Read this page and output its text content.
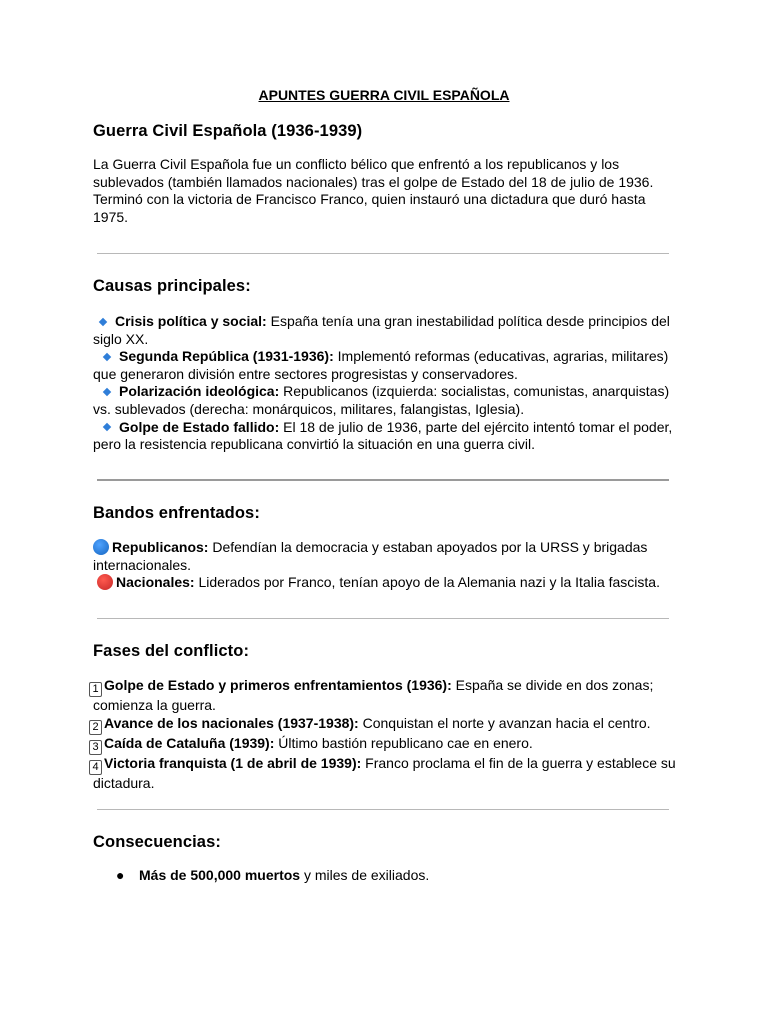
APUNTES GUERRA CIVIL ESPAÑOLA
Guerra Civil Española (1936-1939)
La Guerra Civil Española fue un conflicto bélico que enfrentó a los republicanos y los sublevados (también llamados nacionales) tras el golpe de Estado del 18 de julio de 1936. Terminó con la victoria de Francisco Franco, quien instauró una dictadura que duró hasta 1975.
Causas principales:
Crisis política y social: España tenía una gran inestabilidad política desde principios del siglo XX.
Segunda República (1931-1936): Implementó reformas (educativas, agrarias, militares) que generaron división entre sectores progresistas y conservadores.
Polarización ideológica: Republicanos (izquierda: socialistas, comunistas, anarquistas) vs. sublevados (derecha: monárquicos, militares, falangistas, Iglesia).
Golpe de Estado fallido: El 18 de julio de 1936, parte del ejército intentó tomar el poder, pero la resistencia republicana convirtió la situación en una guerra civil.
Bandos enfrentados:
Republicanos: Defendían la democracia y estaban apoyados por la URSS y brigadas internacionales.
Nacionales: Liderados por Franco, tenían apoyo de la Alemania nazi y la Italia fascista.
Fases del conflicto:
1 Golpe de Estado y primeros enfrentamientos (1936): España se divide en dos zonas; comienza la guerra.
2 Avance de los nacionales (1937-1938): Conquistan el norte y avanzan hacia el centro.
3 Caída de Cataluña (1939): Último bastión republicano cae en enero.
4 Victoria franquista (1 de abril de 1939): Franco proclama el fin de la guerra y establece su dictadura.
Consecuencias:
● Más de 500,000 muertos y miles de exiliados.
